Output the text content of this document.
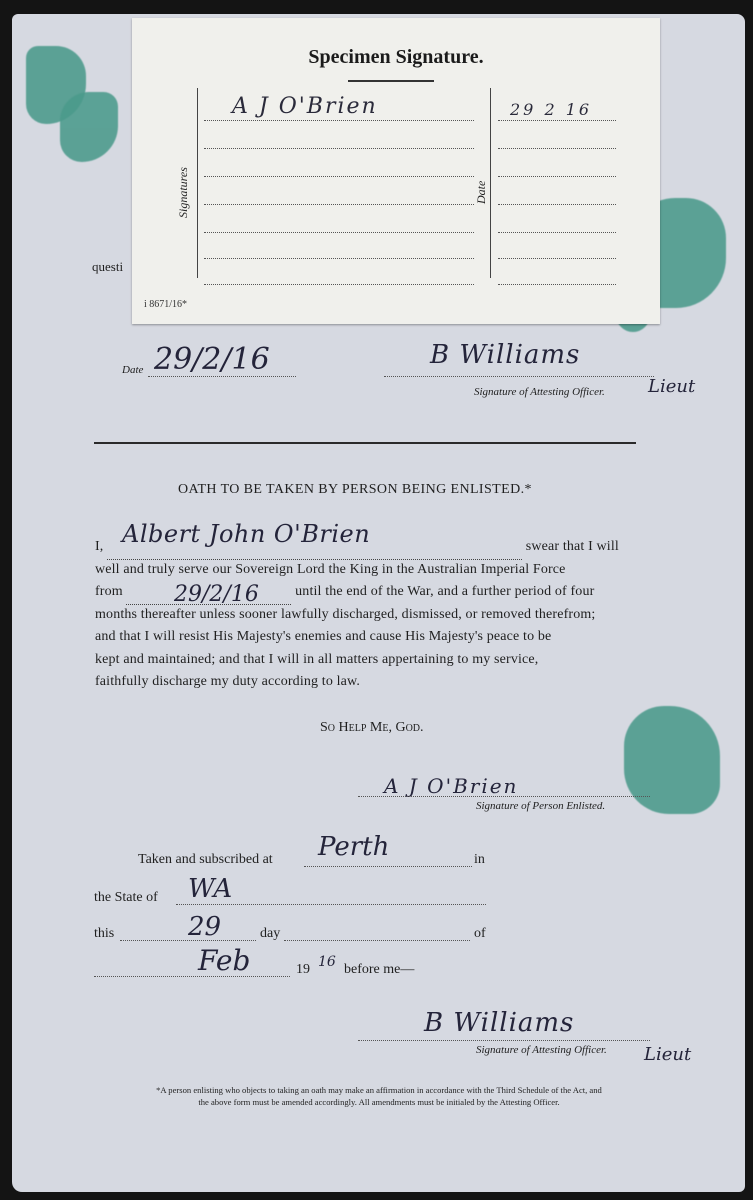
questi
Specimen Signature.
Signatures	Date
A J O'Brien	29 2 16
i 8671/16*
Date 29/2/16	B Williams
Lieut
Signature of Attesting Officer.
OATH TO BE TAKEN BY PERSON BEING ENLISTED.*
I,	swear that I will
well and truly serve our Sovereign Lord the King in the Australian Imperial Force
from	until the end of the War, and a further period of four
months thereafter unless sooner lawfully discharged, dismissed, or removed therefrom;
and that I will resist His Majesty's enemies and cause His Majesty's peace to be
kept and maintained; and that I will in all matters appertaining to my service,
faithfully discharge my duty according to law.
Albert John O'Brien
29/2/16
So Help Me, God.
A J O'Brien
Signature of Person Enlisted.
Taken and subscribed at Perth	in
the State of WA
this	29	day	of
Feb	19 16 before me—
B Williams
Lieut
Signature of Attesting Officer.
*A person enlisting who objects to taking an oath may make an affirmation in accordance with the Third Schedule of the Act, and
the above form must be amended accordingly. All amendments must be initialed by the Attesting Officer.
